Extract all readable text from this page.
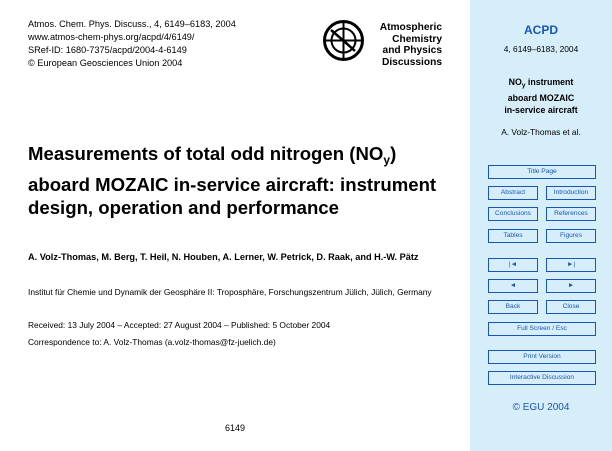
Atmos. Chem. Phys. Discuss., 4, 6149–6183, 2004
www.atmos-chem-phys.org/acpd/4/6149/
SRef-ID: 1680-7375/acpd/2004-4-6149
© European Geosciences Union 2004
Atmospheric
Chemistry
and Physics
Discussions
Measurements of total odd nitrogen $(NO_y)$ aboard MOZAIC in-service aircraft: instrument design, operation and performance
A. Volz-Thomas, M. Berg, T. Heil, N. Houben, A. Lerner, W. Petrick, D. Raak, and H.-W. Pätz
Institut für Chemie und Dynamik der Geosphäre II: Troposphäre, Forschungszentrum Jülich, Jülich, Germany
Received: 13 July 2004 – Accepted: 27 August 2004 – Published: 5 October 2004
Correspondence to: A. Volz-Thomas (a.volz-thomas@fz-juelich.de)
6149
ACPD
4, 6149–6183, 2004
$NO_y$ instrument
aboard MOZAIC
in-service aircraft
A. Volz-Thomas et al.
Title Page
Abstract	Introduction
Conclusions	References
Tables	Figures
|◄	►|
◄	►
Back	Close
Full Screen / Esc
Print Version
Interactive Discussion
© EGU 2004
